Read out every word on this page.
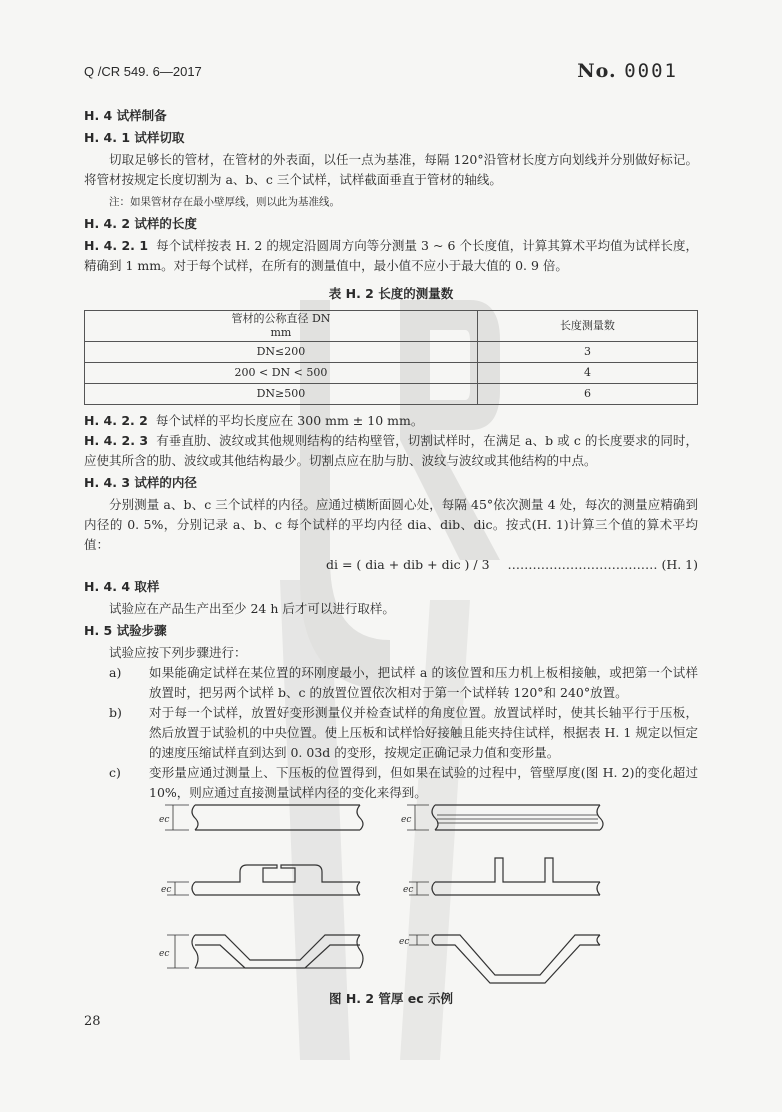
Q /CR 549. 6—2017	No. 0001
H. 4 试样制备
H. 4. 1 试样切取

切取足够长的管材，在管材的外表面，以任一点为基准，每隔 120°沿管材长度方向划线并分别做好标记。将管材按规定长度切割为 a、b、c 三个试样，试样截面垂直于管材的轴线。

注：如果管材存在最小壁厚线，则以此为基准线。
H. 4. 2 试样的长度

H. 4. 2. 1 每个试样按表 H. 2 的规定沿圆周方向等分测量 3 ~ 6 个长度值，计算其算术平均值为试样长度，精确到 1 mm。对于每个试样，在所有的测量值中，最小值不应小于最大值的 0. 9 倍。

表 H. 2 长度的测量数
管材的公称直径 DN
mm	长度测量数
DN≤200	3
200 < DN < 500	4
DN≥500	6

H. 4. 2. 2 每个试样的平均长度应在 300 mm ± 10 mm。

H. 4. 2. 3 有垂直肋、波纹或其他规则结构的结构壁管，切割试样时，在满足 a、b 或 c 的长度要求的同时，应使其所含的肋、波纹或其他结构最少。切割点应在肋与肋、波纹与波纹或其他结构的中点。

H. 4. 3 试样的内径

分别测量 a、b、c 三个试样的内径。应通过横断面圆心处，每隔 45°依次测量 4 处，每次的测量应精确到内径的 0. 5%，分别记录 a、b、c 每个试样的平均内径 dia、dib、dic。按式(H. 1)计算三个值的算术平均值：

di = ( dia + dib + dic ) / 3 ……………………………… (H. 1)

H. 4. 4 取样

试验应在产品生产出至少 24 h 后才可以进行取样。

H. 5 试验步骤

试验应按下列步骤进行：

a)	如果能确定试样在某位置的环刚度最小，把试样 a 的该位置和压力机上板相接触，或把第一个试样放置时，把另两个试样 b、c 的放置位置依次相对于第一个试样转 120°和 240°放置。
b)	对于每一个试样，放置好变形测量仪并检查试样的角度位置。放置试样时，使其长轴平行于压板，然后放置于试验机的中央位置。使上压板和试样恰好接触且能夹持住试样，根据表 H. 1 规定以恒定的速度压缩试样直到达到 0. 03d 的变形，按规定正确记录力值和变形量。
c)	变形量应通过测量上、下压板的位置得到，但如果在试验的过程中，管壁厚度(图 H. 2)的变化超过 10%，则应通过直接测量试样内径的变化来得到。
ec	ec
ec	ec
ec
ec
图 H. 2 管厚 ec 示例
28
